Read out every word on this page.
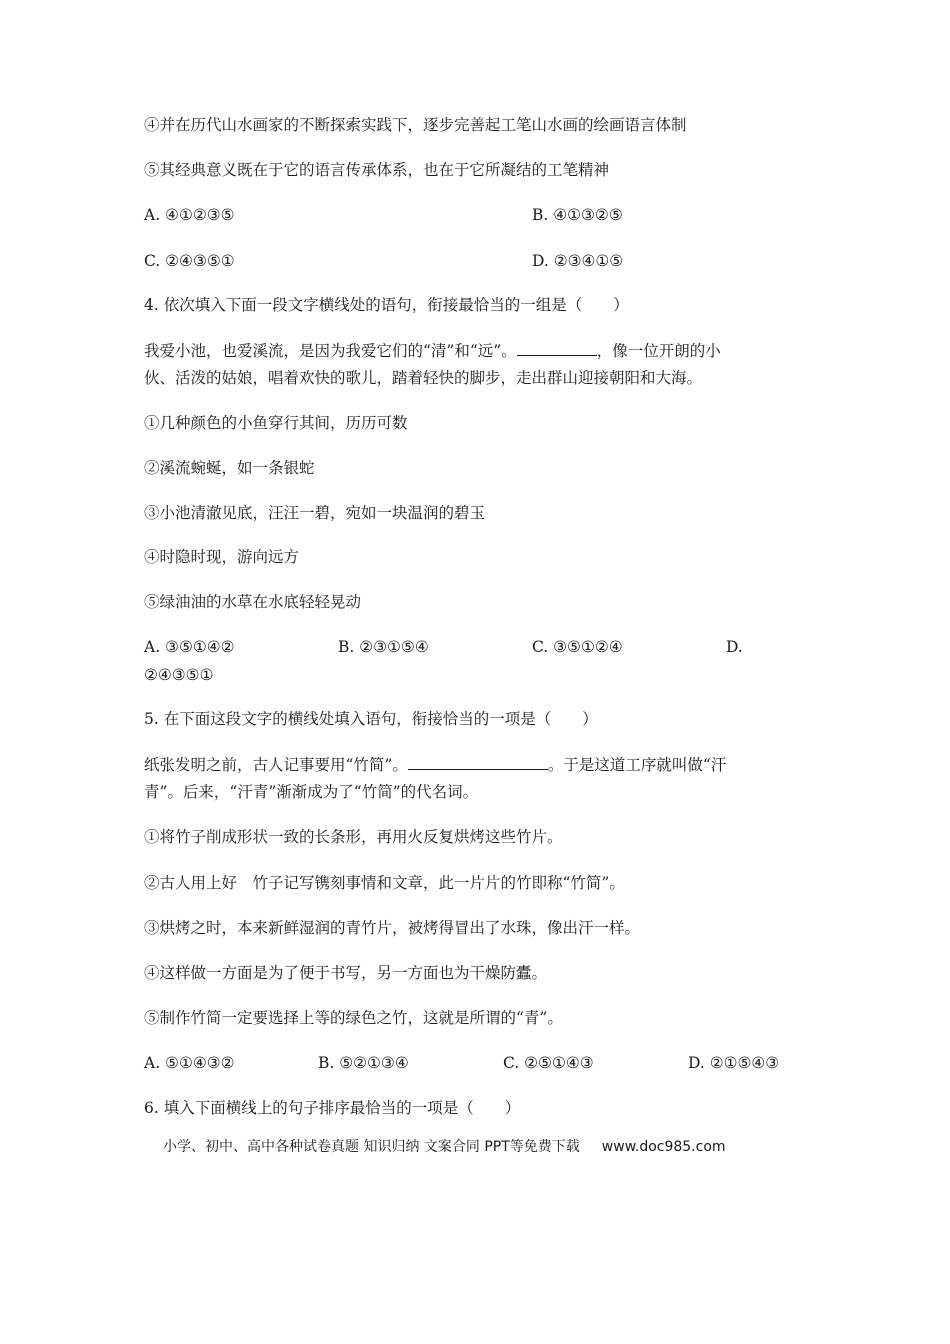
④并在历代山水画家的不断探索实践下，逐步完善起工笔山水画的绘画语言体制
⑤其经典意义既在于它的语言传承体系，也在于它所凝结的工笔精神
A. ④①②③⑤	B. ④①③②⑤
C. ②④③⑤①	D. ②③④①⑤
4. 依次填入下面一段文字横线处的语句，衔接最恰当的一组是（　　）
我爱小池，也爱溪流，是因为我爱它们的“清”和“远”。	，像一位开朗的小
伙、活泼的姑娘，唱着欢快的歌儿，踏着轻快的脚步，走出群山迎接朝阳和大海。
①几种颜色的小鱼穿行其间，历历可数
②溪流蜿蜒，如一条银蛇
③小池清澈见底，汪汪一碧，宛如一块温润的碧玉
④时隐时现，游向远方
⑤绿油油的水草在水底轻轻晃动
A. ③⑤①④②	B. ②③①⑤④	C. ③⑤①②④	D.
②④③⑤①
5. 在下面这段文字的横线处填入语句，衔接恰当的一项是（　　）
纸张发明之前，古人记事要用“竹简”。	。于是这道工序就叫做“汗
青”。后来，“汗青”渐渐成为了“竹简”的代名词。
①将竹子削成形状一致的长条形，再用火反复烘烤这些竹片。
②古人用上好　竹子记写镌刻事情和文章，此一片片的竹即称“竹简”。
③烘烤之时，本来新鲜湿润的青竹片，被烤得冒出了水珠，像出汗一样。
④这样做一方面是为了便于书写，另一方面也为干燥防蠹。
⑤制作竹简一定要选择上等的绿色之竹，这就是所谓的“青”。
A. ⑤①④③②	B. ⑤②①③④	C. ②⑤①④③	D. ②①⑤④③
6. 填入下面横线上的句子排序最恰当的一项是（　　）
小学、初中、高中各种试卷真题 知识归纳 文案合同 PPT等免费下载 www.doc985.com
